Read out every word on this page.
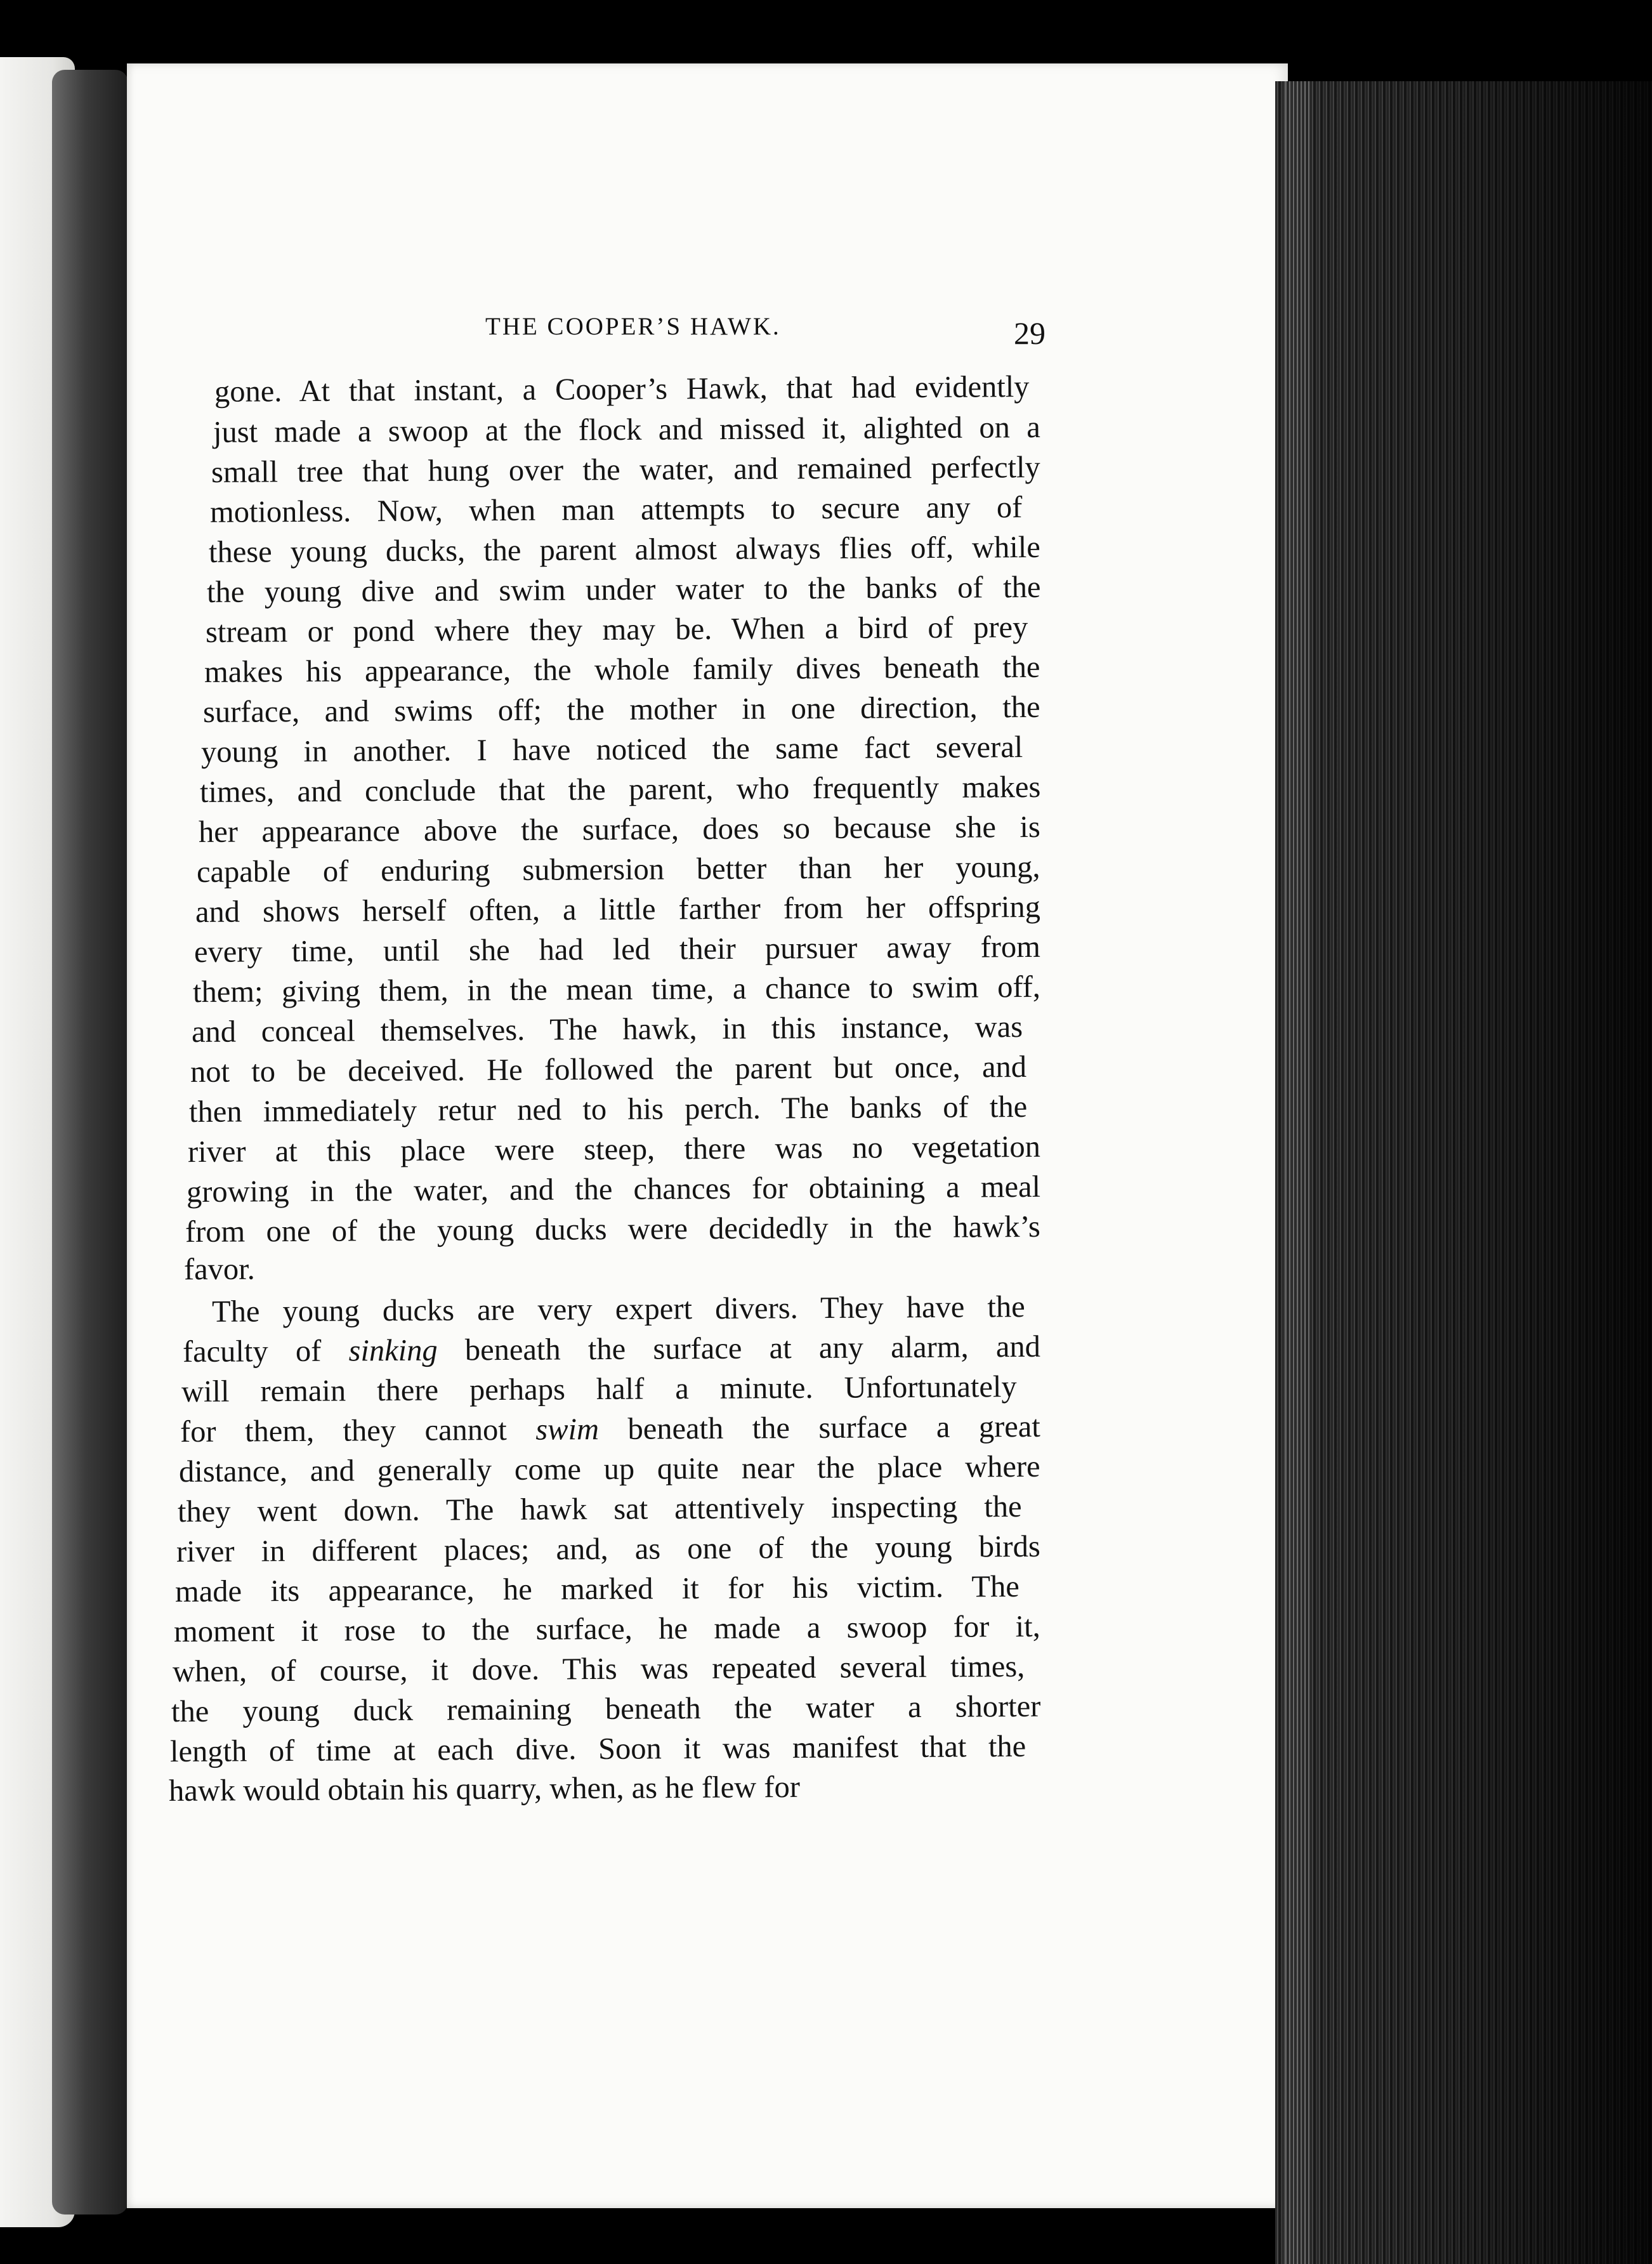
THE COOPER’S HAWK.	29
gone. At that instant, a Cooper’s Hawk, that had evidently
just made a swoop at the flock and missed it, alighted on a
small tree that hung over the water, and remained perfectly
motionless. Now, when man attempts to secure any of
these young ducks, the parent almost always flies off, while
the young dive and swim under water to the banks of the
stream or pond where they may be. When a bird of prey
makes his appearance, the whole family dives beneath the
surface, and swims off; the mother in one direction, the
young in another. I have noticed the same fact several
times, and conclude that the parent, who frequently makes
her appearance above the surface, does so because she is
capable of enduring submersion better than her young,
and shows herself often, a little farther from her offspring
every time, until she had led their pursuer away from
them; giving them, in the mean time, a chance to swim off,
and conceal themselves. The hawk, in this instance, was
not to be deceived. He followed the parent but once, and
then immediately retur ned to his perch. The banks of the
river at this place were steep, there was no vegetation
growing in the water, and the chances for obtaining a meal
from one of the young ducks were decidedly in the hawk’s
favor.
The young ducks are very expert divers. They have the
faculty of sinking beneath the surface at any alarm, and
will remain there perhaps half a minute. Unfortunately
for them, they cannot swim beneath the surface a great
distance, and generally come up quite near the place where
they went down. The hawk sat attentively inspecting the
river in different places; and, as one of the young birds
made its appearance, he marked it for his victim. The
moment it rose to the surface, he made a swoop for it,
when, of course, it dove. This was repeated several times,
the young duck remaining beneath the water a shorter
length of time at each dive. Soon it was manifest that the
hawk would obtain his quarry, when, as he flew for
